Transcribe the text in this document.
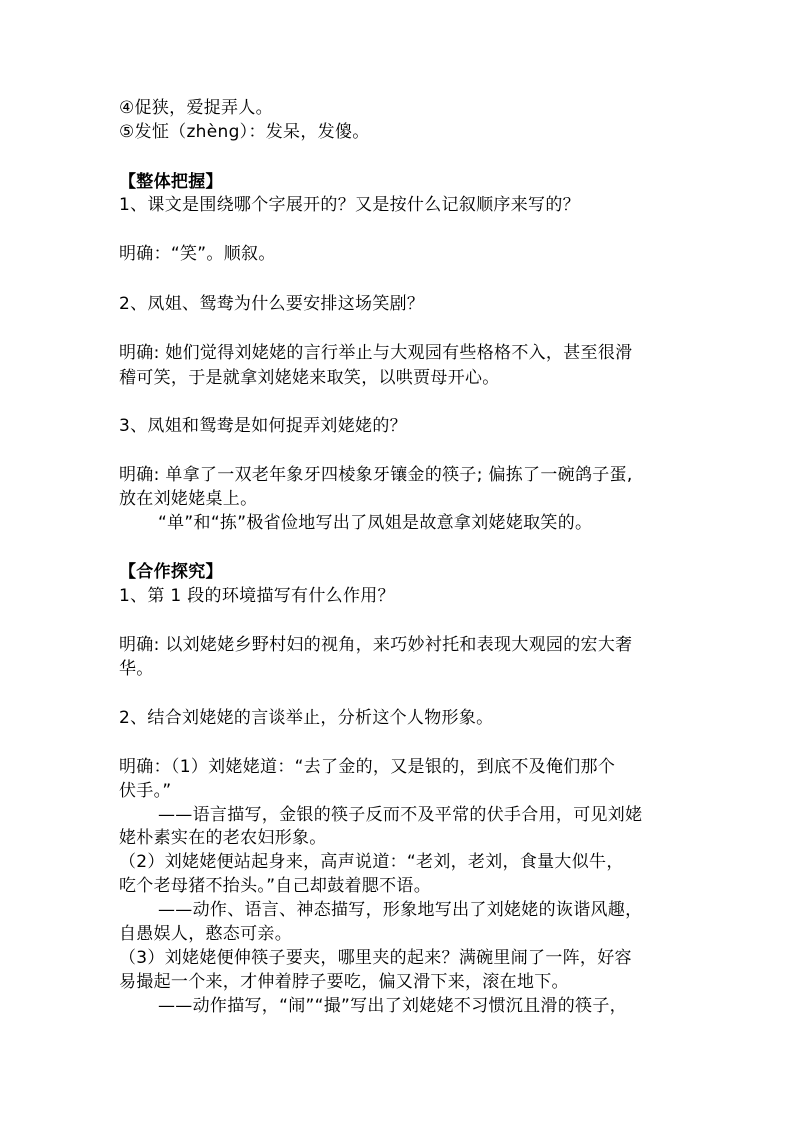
④促狭，爱捉弄人。

⑤发怔（zhèng）：发呆，发傻。

【整体把握】

1、课文是围绕哪个字展开的？又是按什么记叙顺序来写的？

明确：“笑”。顺叙。

2、凤姐、鸳鸯为什么要安排这场笑剧？

明确: 她们觉得刘姥姥的言行举止与大观园有些格格不入，甚至很滑

稽可笑，于是就拿刘姥姥来取笑，以哄贾母开心。

3、凤姐和鸳鸯是如何捉弄刘姥姥的？

明确: 单拿了一双老年象牙四棱象牙镶金的筷子; 偏拣了一碗鸽子蛋,

放在刘姥姥桌上。

“单”和“拣”极省俭地写出了凤姐是故意拿刘姥姥取笑的。

【合作探究】

1、第 1 段的环境描写有什么作用？

明确: 以刘姥姥乡野村妇的视角，来巧妙衬托和表现大观园的宏大奢

华。

2、结合刘姥姥的言谈举止，分析这个人物形象。

明确：（1）刘姥姥道：“去了金的，又是银的，到底不及俺们那个

伏手。”

——语言描写，金银的筷子反而不及平常的伏手合用，可见刘姥

姥朴素实在的老农妇形象。

（2）刘姥姥便站起身来，高声说道：“老刘，老刘，食量大似牛，

吃个老母猪不抬头。”自己却鼓着腮不语。

——动作、语言、神态描写，形象地写出了刘姥姥的诙谐风趣，

自愚娱人，憨态可亲。

（3）刘姥姥便伸筷子要夹，哪里夹的起来？满碗里闹了一阵，好容

易撮起一个来，才伸着脖子要吃，偏又滑下来，滚在地下。

——动作描写，“闹”“撮”写出了刘姥姥不习惯沉且滑的筷子，
